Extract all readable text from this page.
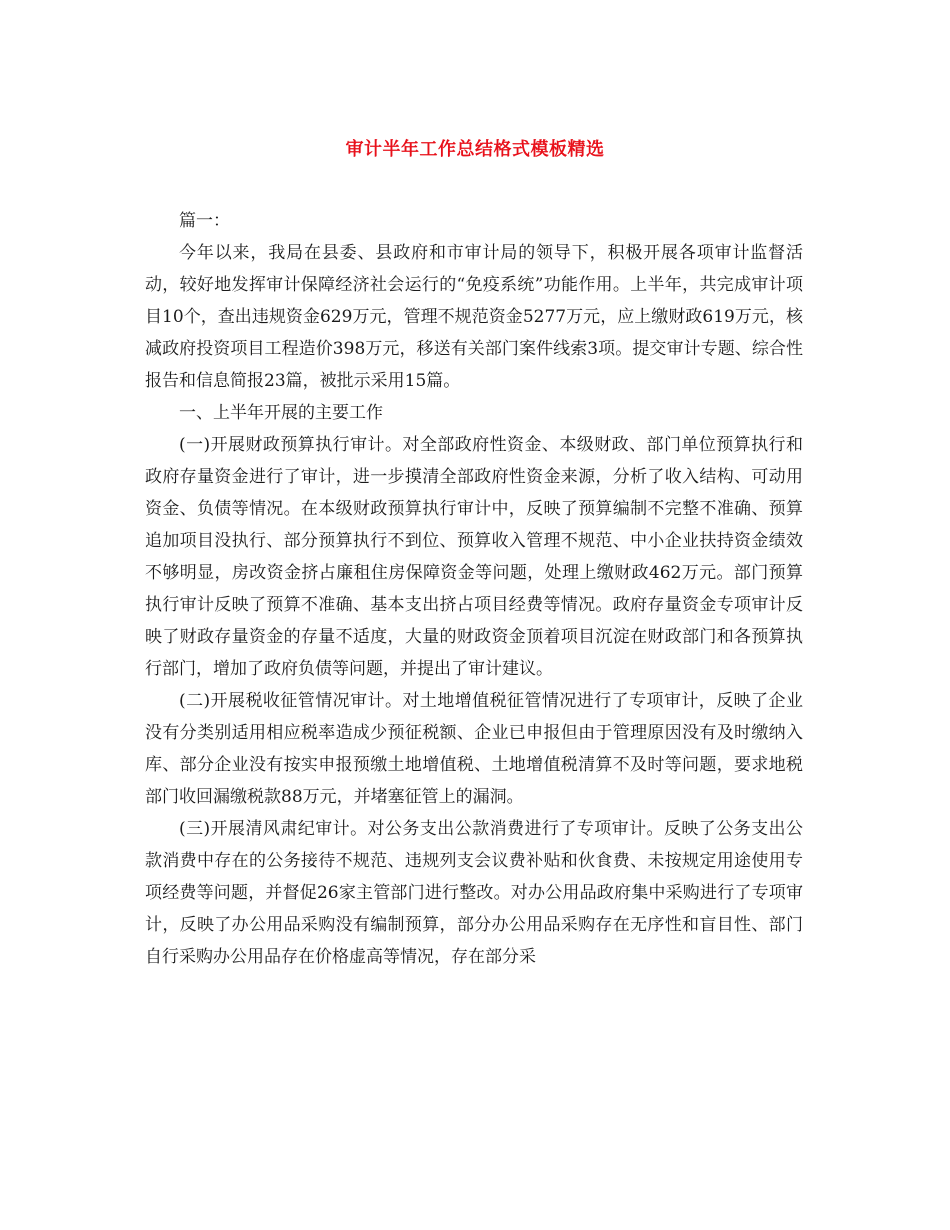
审计半年工作总结格式模板精选

篇一：

今年以来，我局在县委、县政府和市审计局的领导下，积极开展各项审计监督活动，较好地发挥审计保障经济社会运行的“免疫系统”功能作用。上半年，共完成审计项目10个，查出违规资金629万元，管理不规范资金5277万元，应上缴财政619万元，核减政府投资项目工程造价398万元，移送有关部门案件线索3项。提交审计专题、综合性报告和信息简报23篇，被批示采用15篇。

一、上半年开展的主要工作

(一)开展财政预算执行审计。对全部政府性资金、本级财政、部门单位预算执行和政府存量资金进行了审计，进一步摸清全部政府性资金来源，分析了收入结构、可动用资金、负债等情况。在本级财政预算执行审计中，反映了预算编制不完整不准确、预算追加项目没执行、部分预算执行不到位、预算收入管理不规范、中小企业扶持资金绩效不够明显，房改资金挤占廉租住房保障资金等问题，处理上缴财政462万元。部门预算执行审计反映了预算不准确、基本支出挤占项目经费等情况。政府存量资金专项审计反映了财政存量资金的存量不适度，大量的财政资金顶着项目沉淀在财政部门和各预算执行部门，增加了政府负债等问题，并提出了审计建议。

(二)开展税收征管情况审计。对土地增值税征管情况进行了专项审计，反映了企业没有分类别适用相应税率造成少预征税额、企业已申报但由于管理原因没有及时缴纳入库、部分企业没有按实申报预缴土地增值税、土地增值税清算不及时等问题，要求地税部门收回漏缴税款88万元，并堵塞征管上的漏洞。

(三)开展清风肃纪审计。对公务支出公款消费进行了专项审计。反映了公务支出公款消费中存在的公务接待不规范、违规列支会议费补贴和伙食费、未按规定用途使用专项经费等问题，并督促26家主管部门进行整改。对办公用品政府集中采购进行了专项审计，反映了办公用品采购没有编制预算，部分办公用品采购存在无序性和盲目性、部门自行采购办公用品存在价格虚高等情况，存在部分采
